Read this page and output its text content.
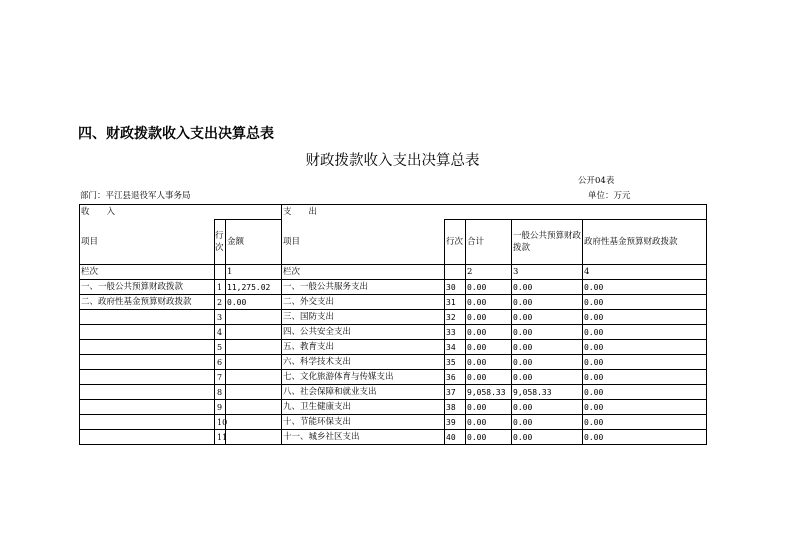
四、财政拨款收入支出决算总表
财政拨款收入支出决算总表
公开04表
部门：平江县退役军人事务局	单位：万元
收　　入			支　　出				
项目	行次	金额	项目	行次	合计	一般公共预算财政拨款	政府性基金预算财政拨款
栏次		1	栏次		2	3	4
一、一般公共预算财政拨款	1	11,275.02	一、一般公共服务支出	30	0.00	0.00	0.00
二、政府性基金预算财政拨款	2	0.00	二、外交支出	31	0.00	0.00	0.00
	3		三、国防支出	32	0.00	0.00	0.00
	4		四、公共安全支出	33	0.00	0.00	0.00
	5		五、教育支出	34	0.00	0.00	0.00
	6		六、科学技术支出	35	0.00	0.00	0.00
	7		七、文化旅游体育与传媒支出	36	0.00	0.00	0.00
	8		八、社会保障和就业支出	37	9,058.33	9,058.33	0.00
	9		九、卫生健康支出	38	0.00	0.00	0.00
	10		十、节能环保支出	39	0.00	0.00	0.00
	11		十一、城乡社区支出	40	0.00	0.00	0.00
